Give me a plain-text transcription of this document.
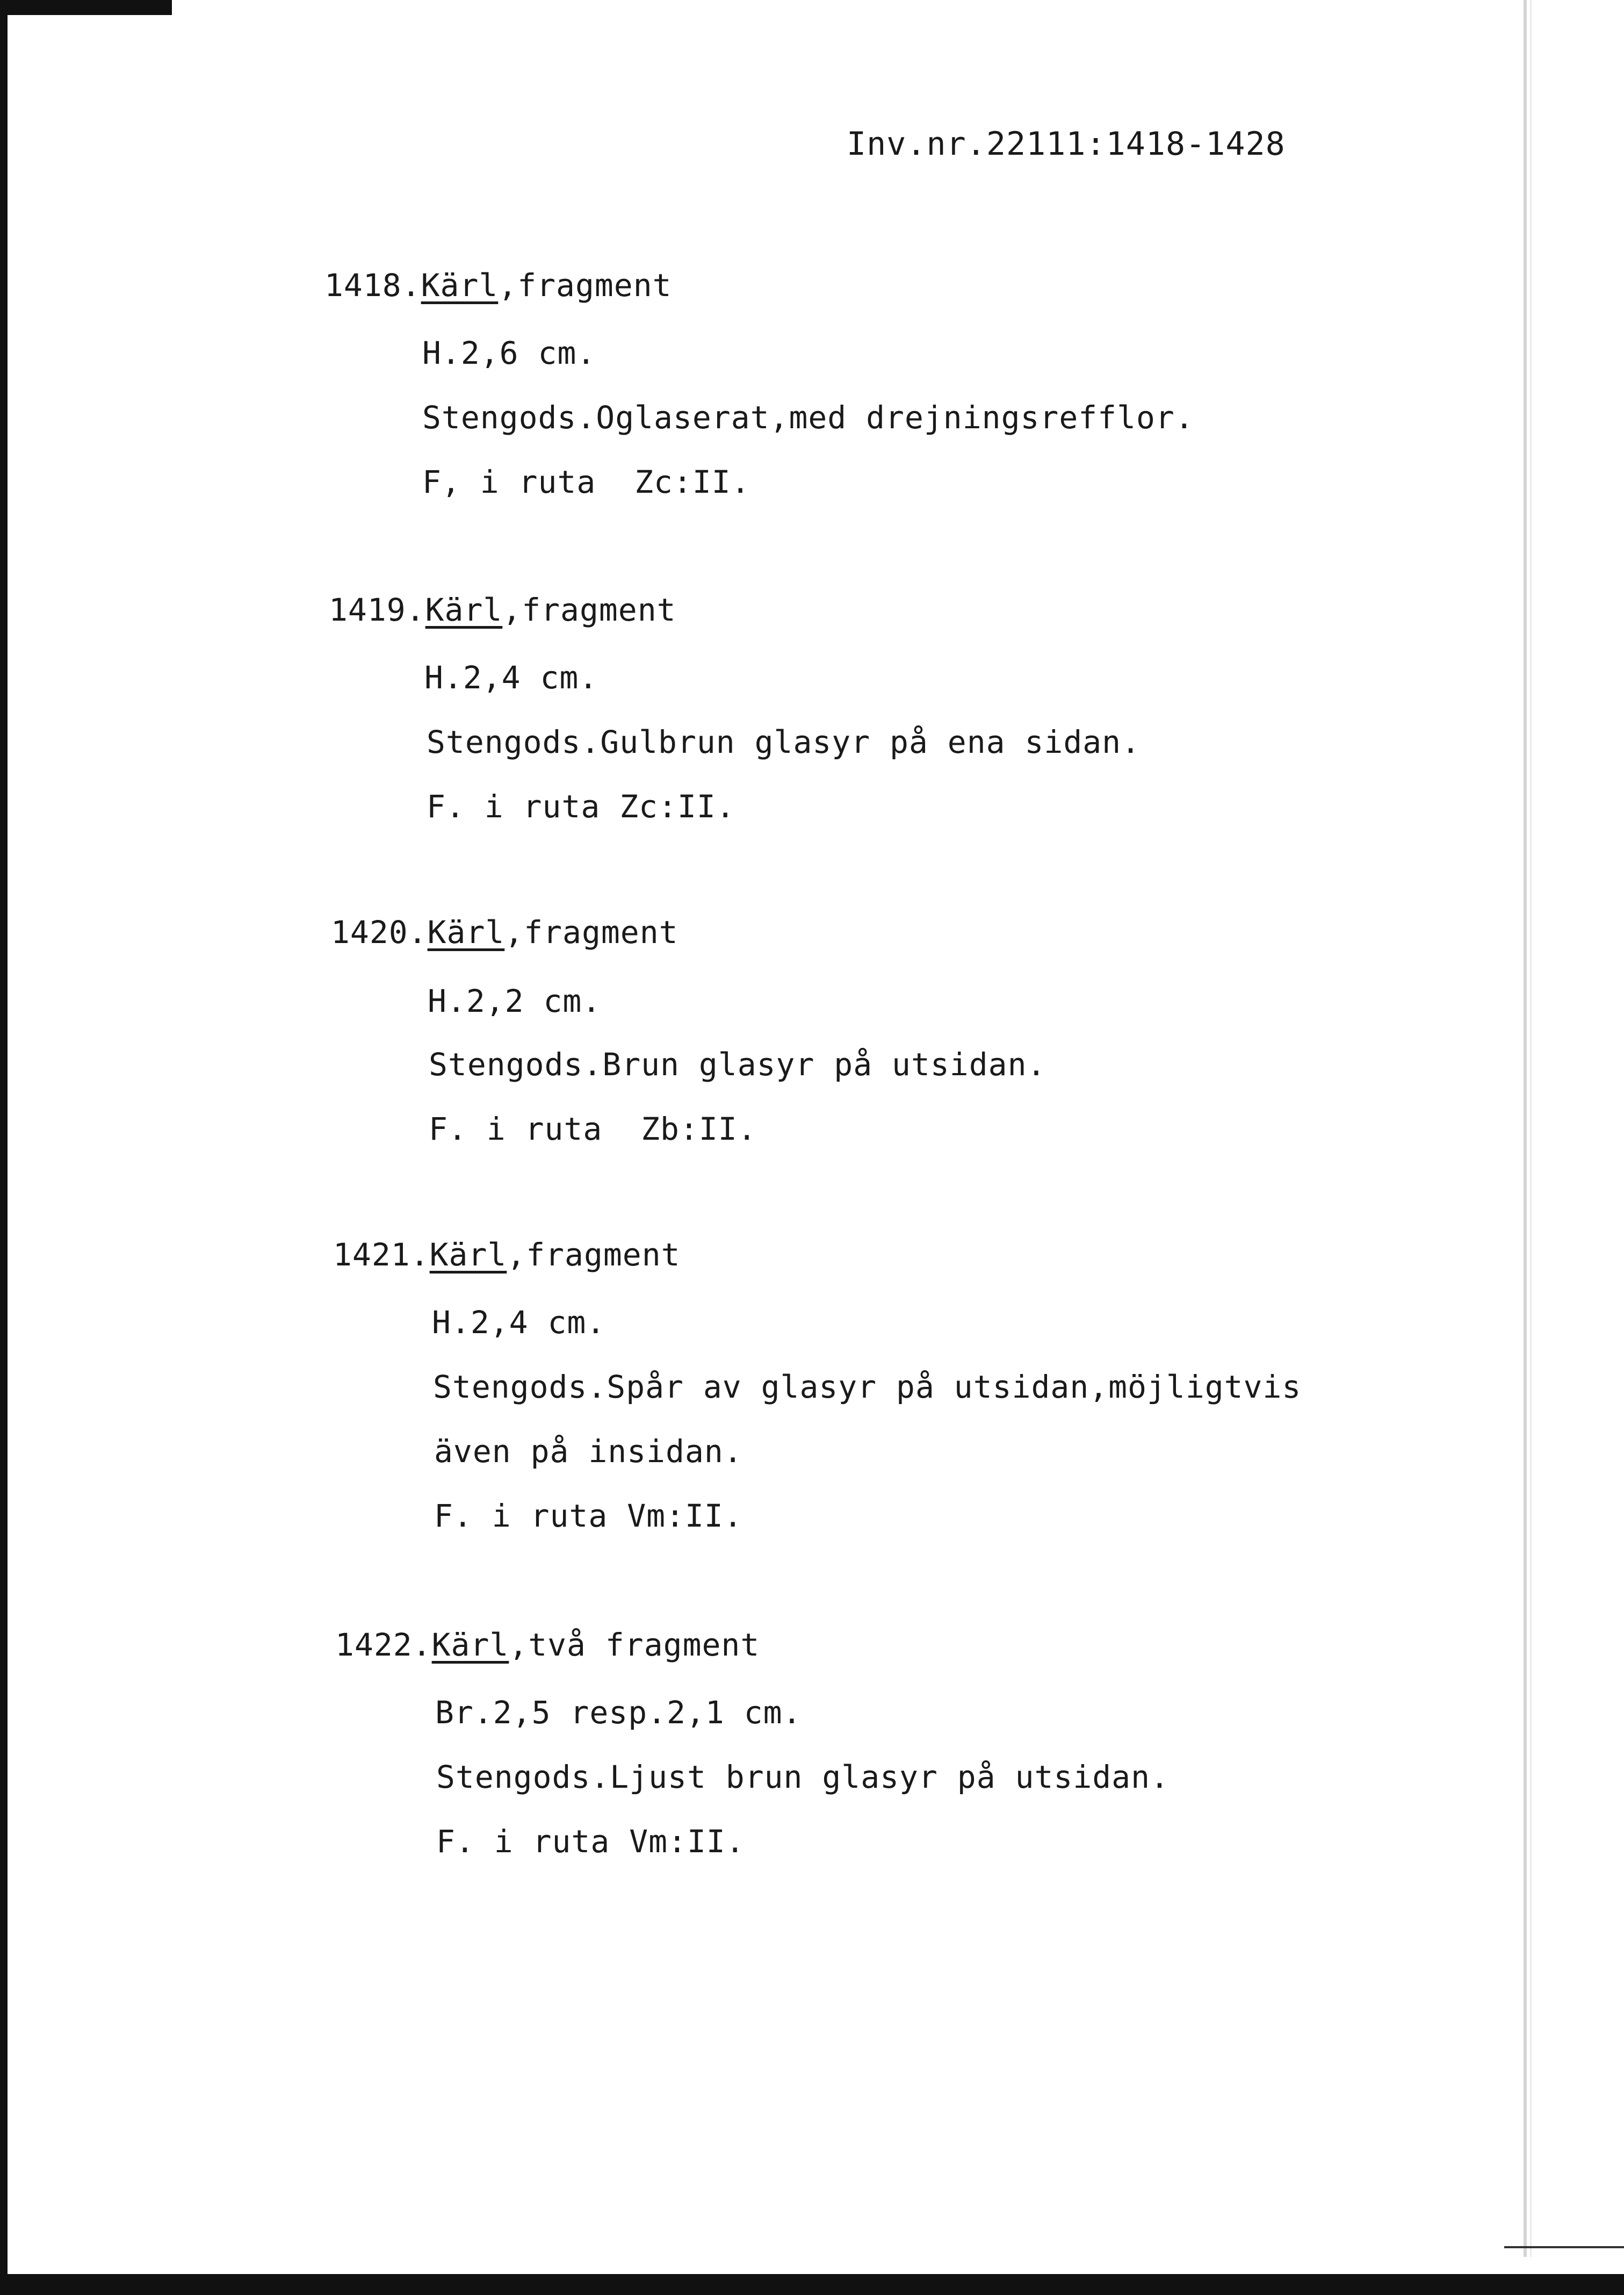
Inv.nr.22111:1418-1428
1418.Kärl,fragment
H.2,6 cm.
Stengods.Oglaserat,med drejningsrefflor.
F, i ruta  Zc:II.
1419.Kärl,fragment
H.2,4 cm.
Stengods.Gulbrun glasyr på ena sidan.
F. i ruta Zc:II.
1420.Kärl,fragment
H.2,2 cm.
Stengods.Brun glasyr på utsidan.
F. i ruta  Zb:II.
1421.Kärl,fragment
H.2,4 cm.
Stengods.Spår av glasyr på utsidan,möjligtvis
även på insidan.
F. i ruta Vm:II.
1422.Kärl,två fragment
Br.2,5 resp.2,1 cm.
Stengods.Ljust brun glasyr på utsidan.
F. i ruta Vm:II.
